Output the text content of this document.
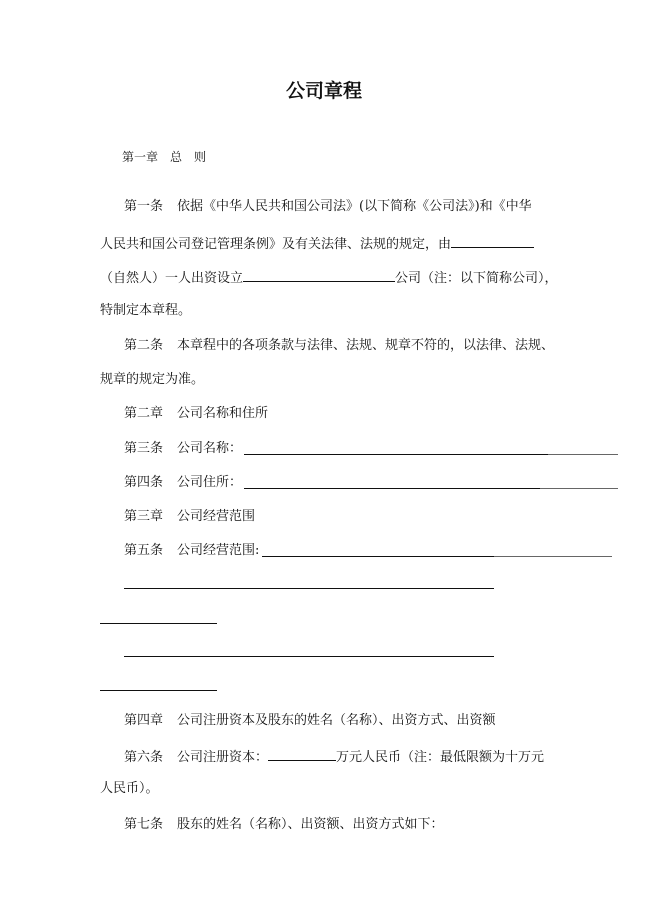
公司章程
第一章　总　则
第一条 依据《中华人民共和国公司法》(以下简称《公司法》)和《中华
人民共和国公司登记管理条例》及有关法律、法规的规定，由
（自然人）一人出资设立	公司（注：以下简称公司），
特制定本章程。
第二条 本章程中的各项条款与法律、法规、规章不符的，以法律、法规、
规章的规定为准。
第二章 公司名称和住所
第三条 公司名称：
第四条 公司住所：
第三章 公司经营范围
第五条 公司经营范围:
第四章 公司注册资本及股东的姓名（名称）、出资方式、出资额
第六条 公司注册资本：	万元人民币（注：最低限额为十万元
人民币）。
第七条 股东的姓名（名称）、出资额、出资方式如下：
